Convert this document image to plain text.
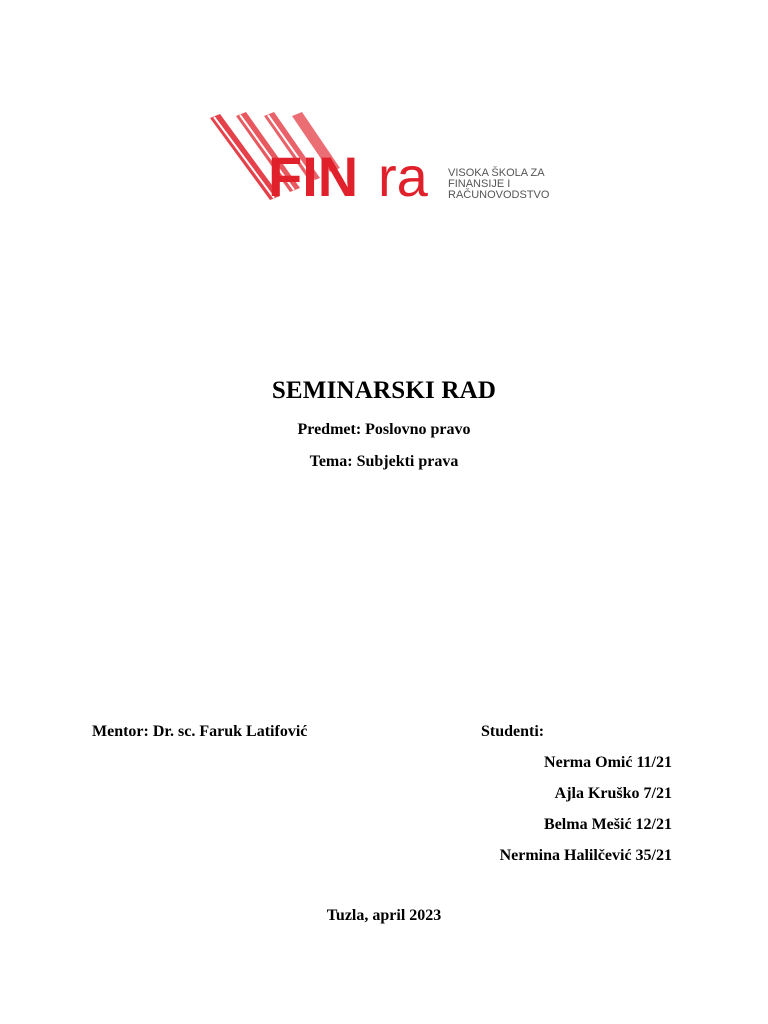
FIN ra VISOKA ŠKOLA ZA
FINANSIJE I
RAČUNOVODSTVO
SEMINARSKI RAD
Predmet: Poslovno pravo
Tema: Subjekti prava
Mentor: Dr. sc. Faruk Latifović	Studenti:
Nerma Omić 11/21
Ajla Kruško 7/21
Belma Mešić 12/21
Nermina Halilčević 35/21
Tuzla, april 2023
